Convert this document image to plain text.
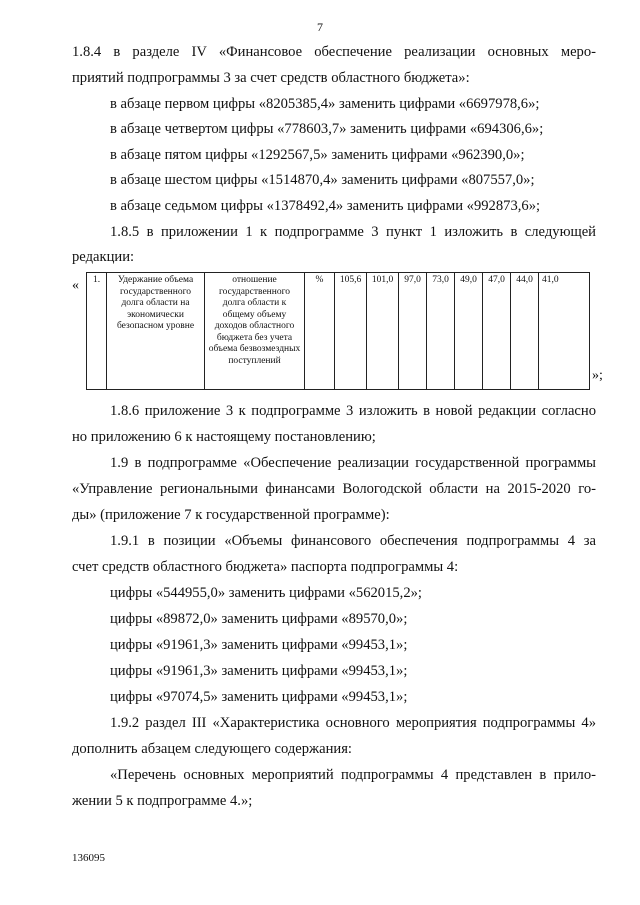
7
1.8.4 в разделе IV «Финансовое обеспечение реализации основных меро-
приятий подпрограммы 3 за счет средств областного бюджета»:
в абзаце первом цифры «8205385,4» заменить цифрами «6697978,6»;
в абзаце четвертом цифры «778603,7» заменить цифрами «694306,6»;
в абзаце пятом цифры «1292567,5» заменить цифрами «962390,0»;
в абзаце шестом цифры «1514870,4» заменить цифрами «807557,0»;
в абзаце седьмом цифры «1378492,4» заменить цифрами «992873,6»;
1.8.5 в приложении 1 к подпрограмме 3 пункт 1 изложить в следующей
редакции:
« 1.	Удержание объема государственного долга области на экономически безопасном уровне	отношение государственного долга области к общему объему доходов областного бюджета без учета объема безвозмездных поступлений	%	105,6	101,0	97,0	73,0	49,0	47,0	44,0	41,0
»;
1.8.6 приложение 3 к подпрограмме 3 изложить в новой редакции согласно
но приложению 6 к настоящему постановлению;
1.9 в подпрограмме «Обеспечение реализации государственной программы
«Управление региональными финансами Вологодской области на 2015-2020 го-
ды» (приложение 7 к государственной программе):
1.9.1 в позиции «Объемы финансового обеспечения подпрограммы 4 за
счет средств областного бюджета» паспорта подпрограммы 4:
цифры «544955,0» заменить цифрами «562015,2»;
цифры «89872,0» заменить цифрами «89570,0»;
цифры «91961,3» заменить цифрами «99453,1»;
цифры «91961,3» заменить цифрами «99453,1»;
цифры «97074,5» заменить цифрами «99453,1»;
1.9.2 раздел III «Характеристика основного мероприятия подпрограммы 4»
дополнить абзацем следующего содержания:
«Перечень основных мероприятий подпрограммы 4 представлен в прило-
жении 5 к подпрограмме 4.»;
136095
